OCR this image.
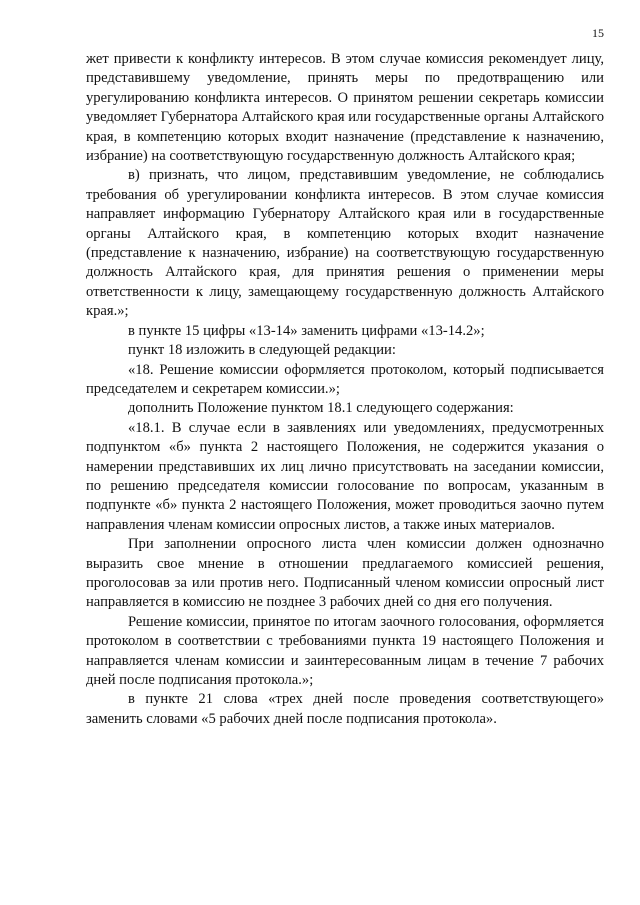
15

жет привести к конфликту интересов. В этом случае комиссия рекомендует лицу, представившему уведомление, принять меры по предотвращению или урегулированию конфликта интересов. О принятом решении секретарь комиссии уведомляет Губернатора Алтайского края или государственные органы Алтайского края, в компетенцию которых входит назначение (представление к назначению, избрание) на соответствующую государственную должность Алтайского края;

в) признать, что лицом, представившим уведомление, не соблюдались требования об урегулировании конфликта интересов. В этом случае комиссия направляет информацию Губернатору Алтайского края или в государственные органы Алтайского края, в компетенцию которых входит назначение (представление к назначению, избрание) на соответствующую государственную должность Алтайского края, для принятия решения о применении меры ответственности к лицу, замещающему государственную должность Алтайского края.»;

в пункте 15 цифры «13-14» заменить цифрами «13-14.2»;

пункт 18 изложить в следующей редакции:

«18. Решение комиссии оформляется протоколом, который подписывается председателем и секретарем комиссии.»;

дополнить Положение пунктом 18.1 следующего содержания:

«18.1. В случае если в заявлениях или уведомлениях, предусмотренных подпунктом «б» пункта 2 настоящего Положения, не содержится указания о намерении представивших их лиц лично присутствовать на заседании комиссии, по решению председателя комиссии голосование по вопросам, указанным в подпункте «б» пункта 2 настоящего Положения, может проводиться заочно путем направления членам комиссии опросных листов, а также иных материалов.

При заполнении опросного листа член комиссии должен однозначно выразить свое мнение в отношении предлагаемого комиссией решения, проголосовав за или против него. Подписанный членом комиссии опросный лист направляется в комиссию не позднее 3 рабочих дней со дня его получения.

Решение комиссии, принятое по итогам заочного голосования, оформляется протоколом в соответствии с требованиями пункта 19 настоящего Положения и направляется членам комиссии и заинтересованным лицам в течение 7 рабочих дней после подписания протокола.»;

в пункте 21 слова «трех дней после проведения соответствующего» заменить словами «5 рабочих дней после подписания протокола».
